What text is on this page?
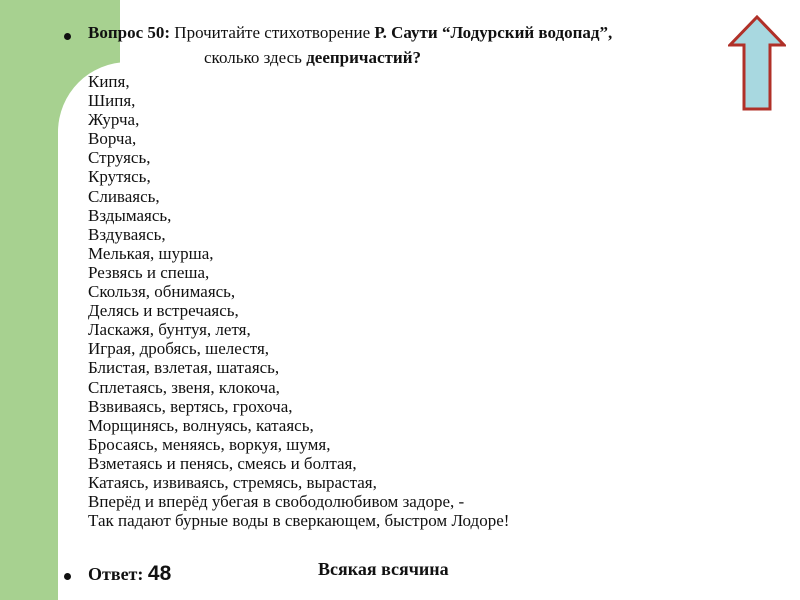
Вопрос 50: Прочитайте стихотворение Р. Саути “Лодурский водопад”,
сколько здесь деепричастий?
Кипя,
Шипя,
Журча,
Ворча,
Струясь,
Крутясь,
Сливаясь,
Вздымаясь,
Вздуваясь,
Мелькая, шурша,
Резвясь и спеша,
Скользя, обнимаясь,
Делясь и встречаясь,
Ласкажя, бунтуя, летя,
Играя, дробясь, шелестя,
Блистая, взлетая, шатаясь,
Сплетаясь, звеня, клокоча,
Взвиваясь, вертясь, грохоча,
Морщинясь, волнуясь, катаясь,
Бросаясь, меняясь, воркуя, шумя,
Взметаясь и пенясь, смеясь и болтая,
Катаясь, извиваясь, стремясь, вырастая,
Вперёд и вперёд убегая в свободолюбивом задоре, -
Так падают бурные воды в сверкающем, быстром Лодоре!
Ответ: 48	Всякая всячина
